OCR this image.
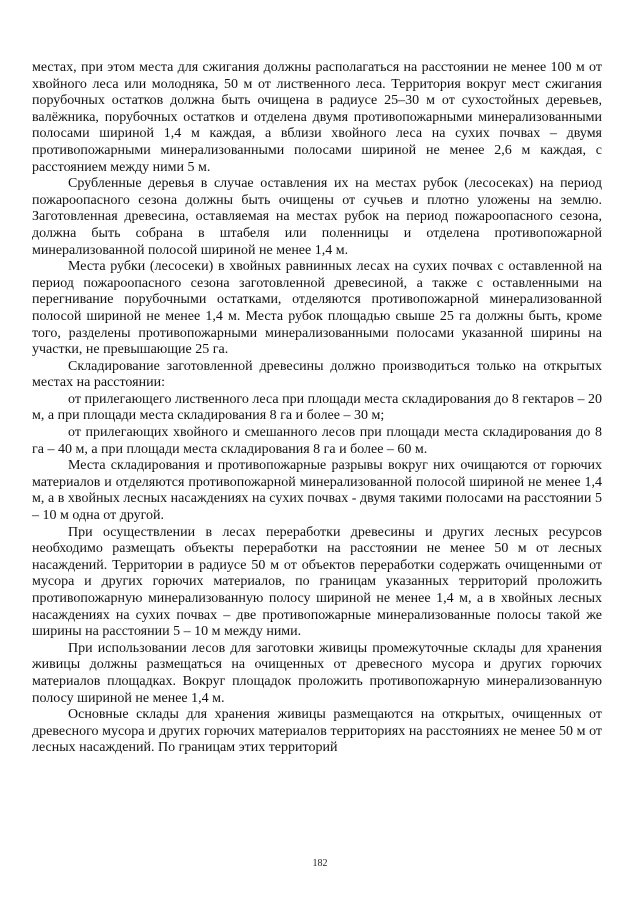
местах, при этом места для сжигания должны располагаться на расстоянии не менее 100 м от хвойного леса или молодняка, 50 м от лиственного леса. Территория вокруг мест сжигания порубочных остатков должна быть очищена в радиусе 25–30 м от сухостойных деревьев, валёжника, порубочных остатков и отделена двумя противопожарными минерализованными полосами шириной 1,4 м каждая, а вблизи хвойного леса на сухих почвах – двумя противопожарными минерализованными полосами шириной не менее 2,6 м каждая, с расстоянием между ними 5 м.

Срубленные деревья в случае оставления их на местах рубок (лесосеках) на период пожароопасного сезона должны быть очищены от сучьев и плотно уложены на землю. Заготовленная древесина, оставляемая на местах рубок на период пожароопасного сезона, должна быть собрана в штабеля или поленницы и отделена противопожарной минерализованной полосой шириной не менее 1,4 м.

Места рубки (лесосеки) в хвойных равнинных лесах на сухих почвах с оставленной на период пожароопасного сезона заготовленной древесиной, а также с оставленными на перегнивание порубочными остатками, отделяются противопожарной минерализованной полосой шириной не менее 1,4 м. Места рубок площадью свыше 25 га должны быть, кроме того, разделены противопожарными минерализованными полосами указанной ширины на участки, не превышающие 25 га.

Складирование заготовленной древесины должно производиться только на открытых местах на расстоянии:

от прилегающего лиственного леса при площади места складирования до 8 гектаров – 20 м, а при площади места складирования 8 га и более – 30 м;

от прилегающих хвойного и смешанного лесов при площади места складирования до 8 га – 40 м, а при площади места складирования 8 га и более – 60 м.

Места складирования и противопожарные разрывы вокруг них очищаются от горючих материалов и отделяются противопожарной минерализованной полосой шириной не менее 1,4 м, а в хвойных лесных насаждениях на сухих почвах - двумя такими полосами на расстоянии 5 – 10 м одна от другой.

При осуществлении в лесах переработки древесины и других лесных ресурсов необходимо размещать объекты переработки на расстоянии не менее 50 м от лесных насаждений. Территории в радиусе 50 м от объектов переработки содержать очищенными от мусора и других горючих материалов, по границам указанных территорий проложить противопожарную минерализованную полосу шириной не менее 1,4 м, а в хвойных лесных насаждениях на сухих почвах – две противопожарные минерализованные полосы такой же ширины на расстоянии 5 – 10 м между ними.

При использовании лесов для заготовки живицы промежуточные склады для хранения живицы должны размещаться на очищенных от древесного мусора и других горючих материалов площадках. Вокруг площадок проложить противопожарную минерализованную полосу шириной не менее 1,4 м.

Основные склады для хранения живицы размещаются на открытых, очищенных от древесного мусора и других горючих материалов территориях на расстояниях не менее 50 м от лесных насаждений. По границам этих территорий

182
